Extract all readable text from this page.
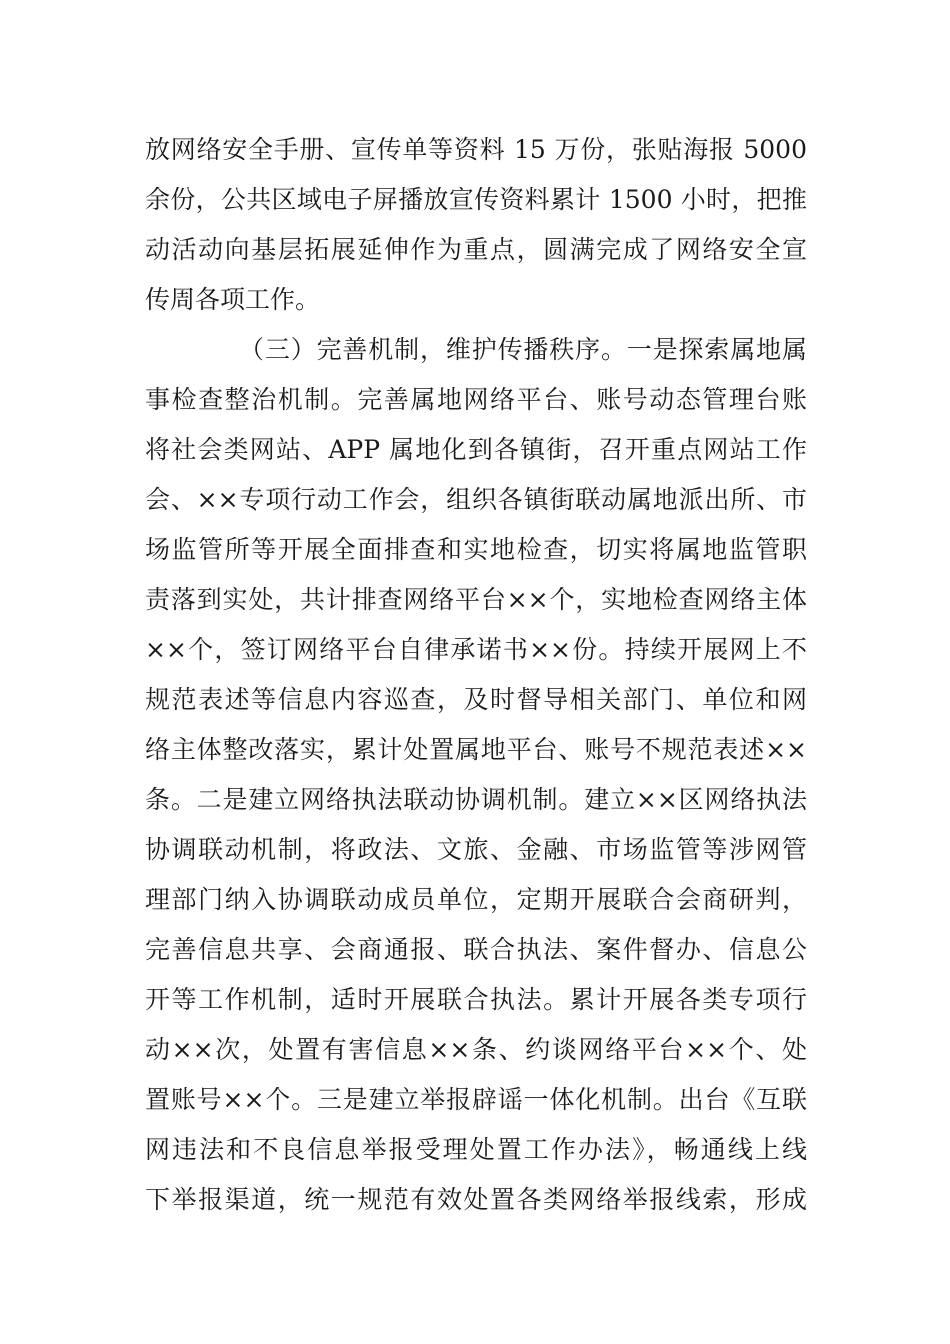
放网络安全手册、宣传单等资料 15 万份，张贴海报 5000
余份，公共区域电子屏播放宣传资料累计 1500 小时，把推
动活动向基层拓展延伸作为重点，圆满完成了网络安全宣
传周各项工作。
（三）完善机制，维护传播秩序。一是探索属地属
事检查整治机制。完善属地网络平台、账号动态管理台账
将社会类网站、APP 属地化到各镇街，召开重点网站工作
会、××专项行动工作会，组织各镇街联动属地派出所、市
场监管所等开展全面排查和实地检查，切实将属地监管职
责落到实处，共计排查网络平台××个，实地检查网络主体
××个，签订网络平台自律承诺书××份。持续开展网上不
规范表述等信息内容巡查，及时督导相关部门、单位和网
络主体整改落实，累计处置属地平台、账号不规范表述××
条。二是建立网络执法联动协调机制。建立××区网络执法
协调联动机制，将政法、文旅、金融、市场监管等涉网管
理部门纳入协调联动成员单位，定期开展联合会商研判，
完善信息共享、会商通报、联合执法、案件督办、信息公
开等工作机制，适时开展联合执法。累计开展各类专项行
动××次，处置有害信息××条、约谈网络平台××个、处
置账号××个。三是建立举报辟谣一体化机制。出台《互联
网违法和不良信息举报受理处置工作办法》，畅通线上线
下举报渠道，统一规范有效处置各类网络举报线索，形成
